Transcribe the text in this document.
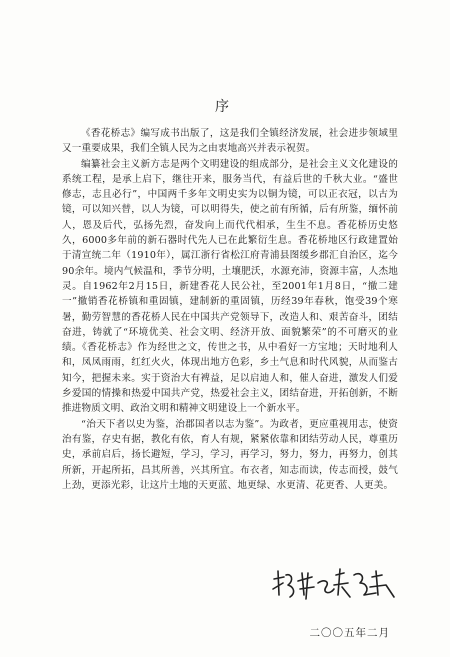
序

《香花桥志》编写成书出版了，这是我们全镇经济发展，社会进步领域里又一重要成果，我们全镇人民为之由衷地高兴并表示祝贺。

编纂社会主义新方志是两个文明建设的组成部分，是社会主义文化建设的系统工程，是承上启下，继往开来，服务当代，有益后世的千秋大业。“盛世修志，志且必行”，中国两千多年文明史实为以铜为镜，可以正衣冠，以古为镜，可以知兴替，以人为镜，可以明得失，使之前有所循，后有所鉴，缅怀前人，恩及后代，弘扬先烈，奋发向上而代代相承，生生不息。香花桥历史悠久，6000多年前的新石器时代先人已在此繁衍生息。香花桥地区行政建置始于清宣统二年（1910年），属江浙行省松江府青浦县图缓乡郡汇自治区，迄今90余年。境内气候温和，季节分明，土壤肥沃，水源充沛，资源丰富，人杰地灵。自1962年2月15日，新建香花人民公社，至2001年1月8日，“撤二建一”撤销香花桥镇和重固镇，建制新的重固镇，历经39年春秋，饱受39个寒暑，勤劳智慧的香花桥人民在中国共产党领导下，改造人和、艰苦奋斗，团结奋进，铸就了“环境优美、社会文明、经济开放、面貌繁荣”的不可磨灭的业绩。《香花桥志》作为经世之文，传世之书，从中看好一方宝地；天时地利人和，凤凤雨雨，红红火火，体现出地方色彩，乡土气息和时代风貌，从而鉴古知今，把握未来。实于资治大有裨益，足以启迪人和，催人奋进，激发人们爱乡爱国的情操和热爱中国共产党，热爱社会主义，团结奋进，开拓创新，不断推进物质文明、政治文明和精神文明建设上一个新水平。

“治天下者以史为鉴，治郡国者以志为鉴”。为政者，更应重视用志，使资治有鉴，存史有据，教化有依，育人有规，紧紧依靠和团结劳动人民，尊重历史，承前启后，扬长避短，学习，学习，再学习，努力，努力，再努力，创其所新，开起所拓，昌其所善，兴其所宜。布衣者，知志而读，传志而授，鼓气上劲，更添光彩，让这片土地的天更蓝、地更绿、水更清、花更香、人更美。

二〇〇五年二月
